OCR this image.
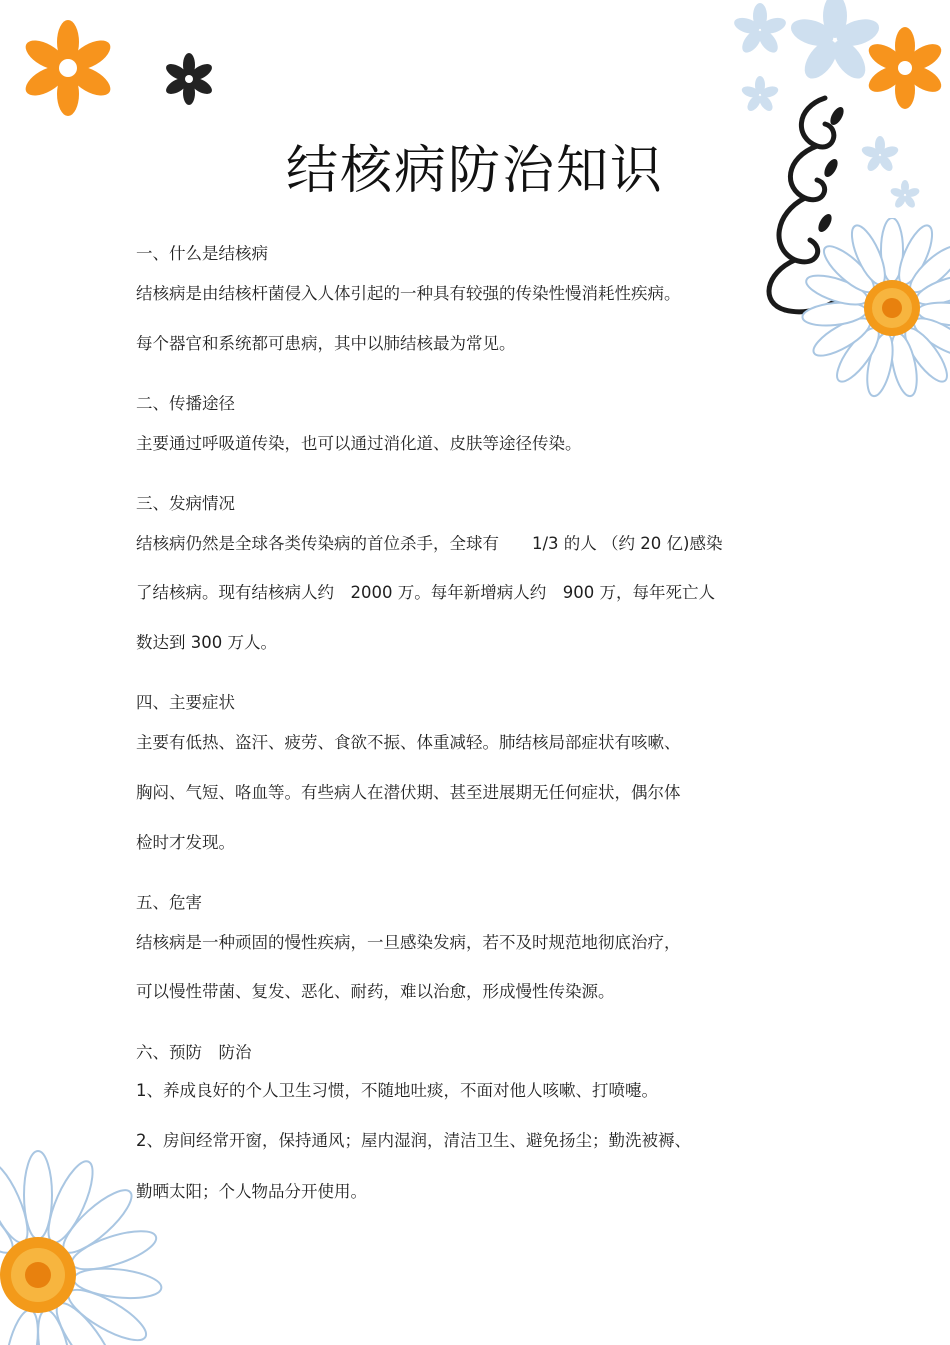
结核病防治知识
一、什么是结核病
结核病是由结核杆菌侵入人体引起的一种具有较强的传染性慢消耗性疾病。
每个器官和系统都可患病，其中以肺结核最为常见。
二、传播途径
主要通过呼吸道传染，也可以通过消化道、皮肤等途径传染。
三、发病情况
结核病仍然是全球各类传染病的首位杀手，全球有　　1/3 的人 （约 20 亿)感染
了结核病。现有结核病人约　2000 万。每年新增病人约　900 万，每年死亡人
数达到 300 万人。
四、主要症状
主要有低热、盗汗、疲劳、食欲不振、体重减轻。肺结核局部症状有咳嗽、
胸闷、气短、咯血等。有些病人在潜伏期、甚至进展期无任何症状，偶尔体
检时才发现。
五、危害
结核病是一种顽固的慢性疾病，一旦感染发病，若不及时规范地彻底治疗，
可以慢性带菌、复发、恶化、耐药，难以治愈，形成慢性传染源。
六、预防　防治
1、养成良好的个人卫生习惯，不随地吐痰，不面对他人咳嗽、打喷嚏。
2、房间经常开窗，保持通风；屋内湿润，清洁卫生、避免扬尘；勤洗被褥、
勤晒太阳；个人物品分开使用。
